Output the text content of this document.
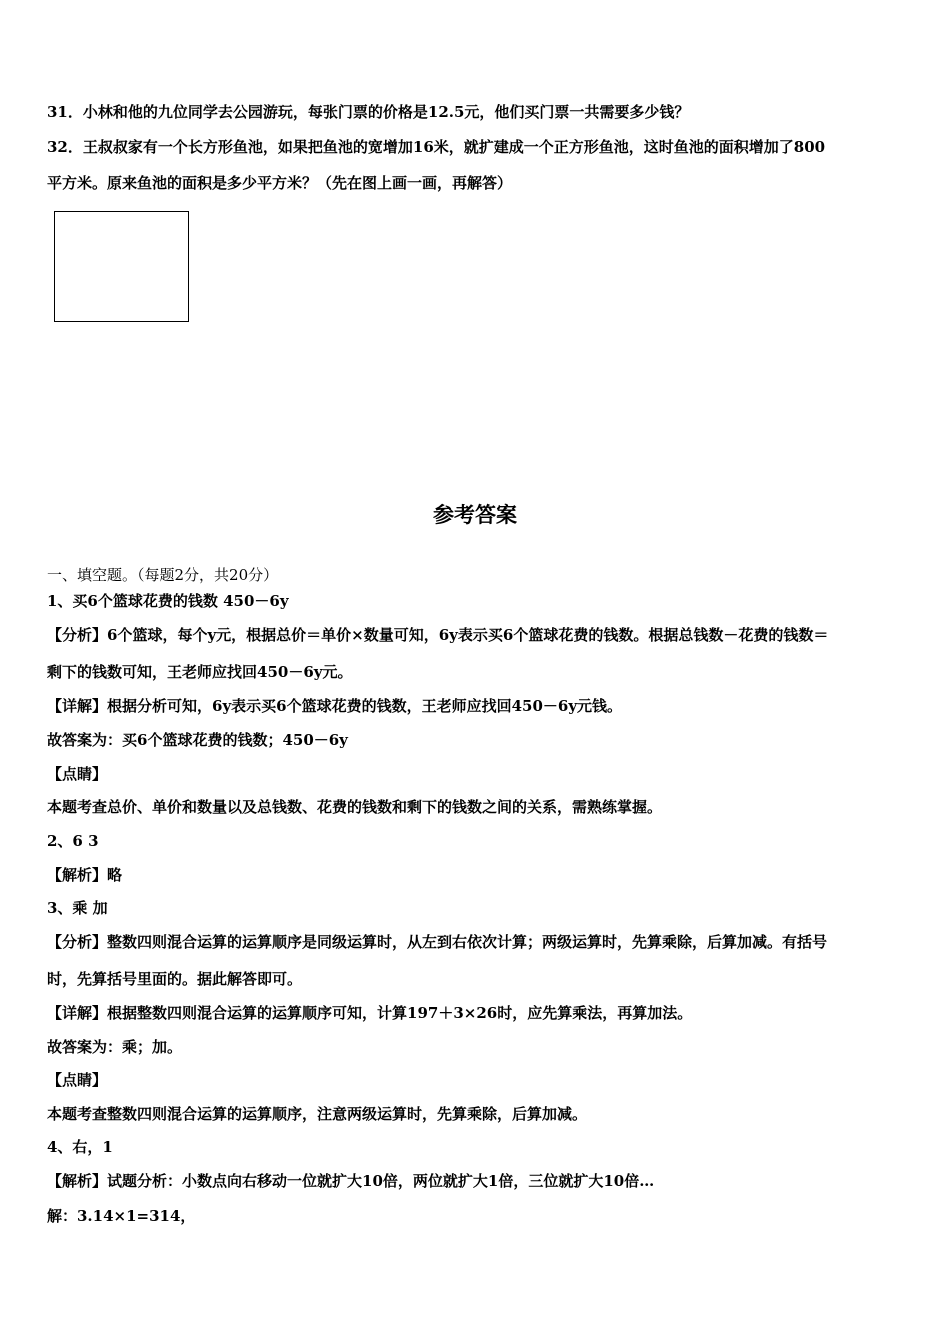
31．小林和他的九位同学去公园游玩，每张门票的价格是12.5元，他们买门票一共需要多少钱？
32．王叔叔家有一个长方形鱼池，如果把鱼池的宽增加16米，就扩建成一个正方形鱼池，这时鱼池的面积增加了800
平方米。原来鱼池的面积是多少平方米？（先在图上画一画，再解答）
参考答案
一、填空题。（每题2分，共20分）
1、买6个篮球花费的钱数 450－6y
【分析】6个篮球，每个y元，根据总价＝单价×数量可知，6y表示买6个篮球花费的钱数。根据总钱数－花费的钱数＝
剩下的钱数可知，王老师应找回450－6y元。
【详解】根据分析可知，6y表示买6个篮球花费的钱数，王老师应找回450－6y元钱。
故答案为：买6个篮球花费的钱数；450－6y
【点睛】
本题考查总价、单价和数量以及总钱数、花费的钱数和剩下的钱数之间的关系，需熟练掌握。
2、6 3
【解析】略
3、乘 加
【分析】整数四则混合运算的运算顺序是同级运算时，从左到右依次计算；两级运算时，先算乘除，后算加减。有括号
时，先算括号里面的。据此解答即可。
【详解】根据整数四则混合运算的运算顺序可知，计算197＋3×26时，应先算乘法，再算加法。
故答案为：乘；加。
【点睛】
本题考查整数四则混合运算的运算顺序，注意两级运算时，先算乘除，后算加减。
4、右，1
【解析】试题分析：小数点向右移动一位就扩大10倍，两位就扩大1倍，三位就扩大10倍…
解：3.14×1=314，
